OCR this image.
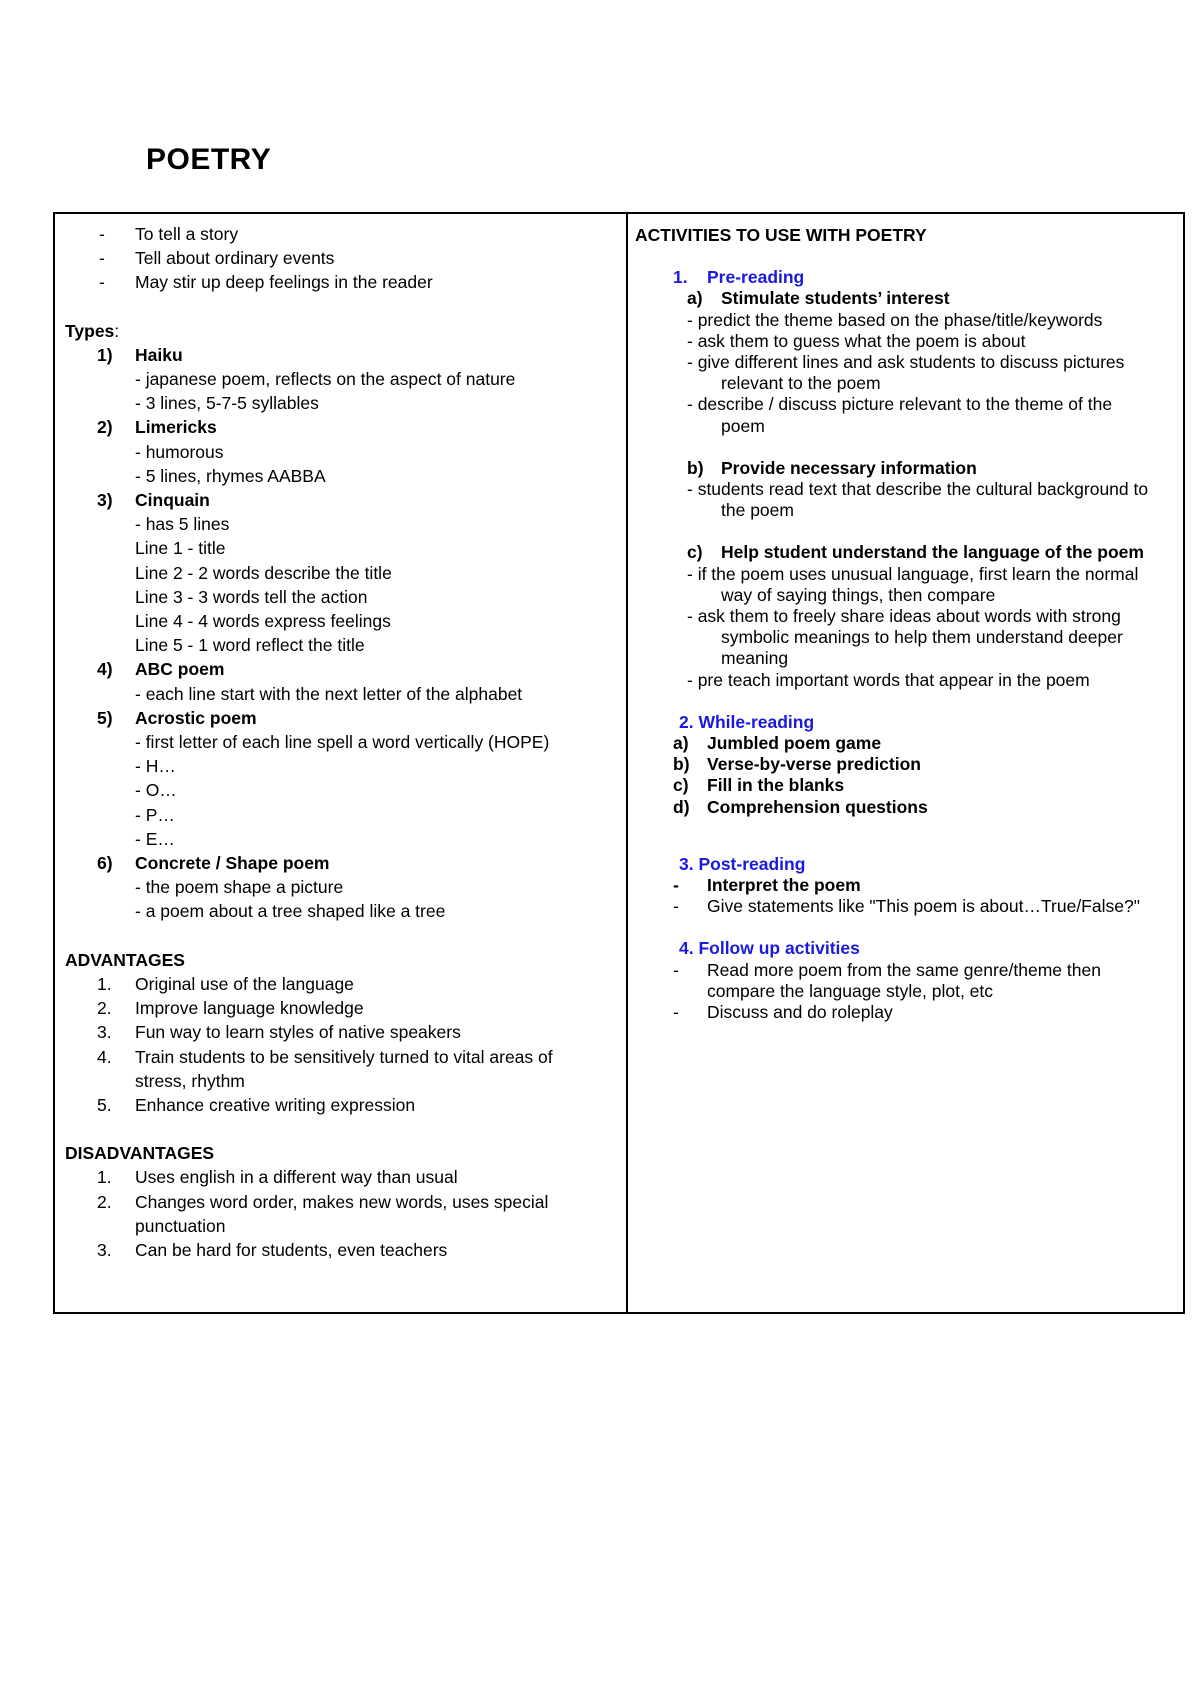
POETRY
- To tell a story
- Tell about ordinary events
- May stir up deep feelings in the reader
Types:
1) Haiku
- japanese poem, reflects on the aspect of nature
- 3 lines, 5-7-5 syllables
2) Limericks
- humorous
- 5 lines, rhymes AABBA
3) Cinquain
- has 5 lines
Line 1 - title
Line 2 - 2 words describe the title
Line 3 - 3 words tell the action
Line 4 - 4 words express feelings
Line 5 - 1 word reflect the title
4) ABC poem
- each line start with the next letter of the alphabet
5) Acrostic poem
- first letter of each line spell a word vertically (HOPE)
- H…
- O…
- P…
- E…
6) Concrete / Shape poem
- the poem shape a picture
- a poem about a tree shaped like a tree
ADVANTAGES
1. Original use of the language
2. Improve language knowledge
3. Fun way to learn styles of native speakers
4. Train students to be sensitively turned to vital areas of
stress, rhythm
5. Enhance creative writing expression
DISADVANTAGES
1. Uses english in a different way than usual
2. Changes word order, makes new words, uses special
punctuation
3. Can be hard for students, even teachers
ACTIVITIES TO USE WITH POETRY
1. Pre-reading
a) Stimulate students’ interest
- predict the theme based on the phase/title/keywords
- ask them to guess what the poem is about
- give different lines and ask students to discuss pictures
relevant to the poem
- describe / discuss picture relevant to the theme of the
poem
b) Provide necessary information
- students read text that describe the cultural background to
the poem
c) Help student understand the language of the poem
- if the poem uses unusual language, first learn the normal
way of saying things, then compare
- ask them to freely share ideas about words with strong
symbolic meanings to help them understand deeper
meaning
- pre teach important words that appear in the poem
2. While-reading
a) Jumbled poem game
b) Verse-by-verse prediction
c) Fill in the blanks
d) Comprehension questions
3. Post-reading
- Interpret the poem
- Give statements like "This poem is about…True/False?"
4. Follow up activities
- Read more poem from the same genre/theme then
compare the language style, plot, etc
- Discuss and do roleplay
